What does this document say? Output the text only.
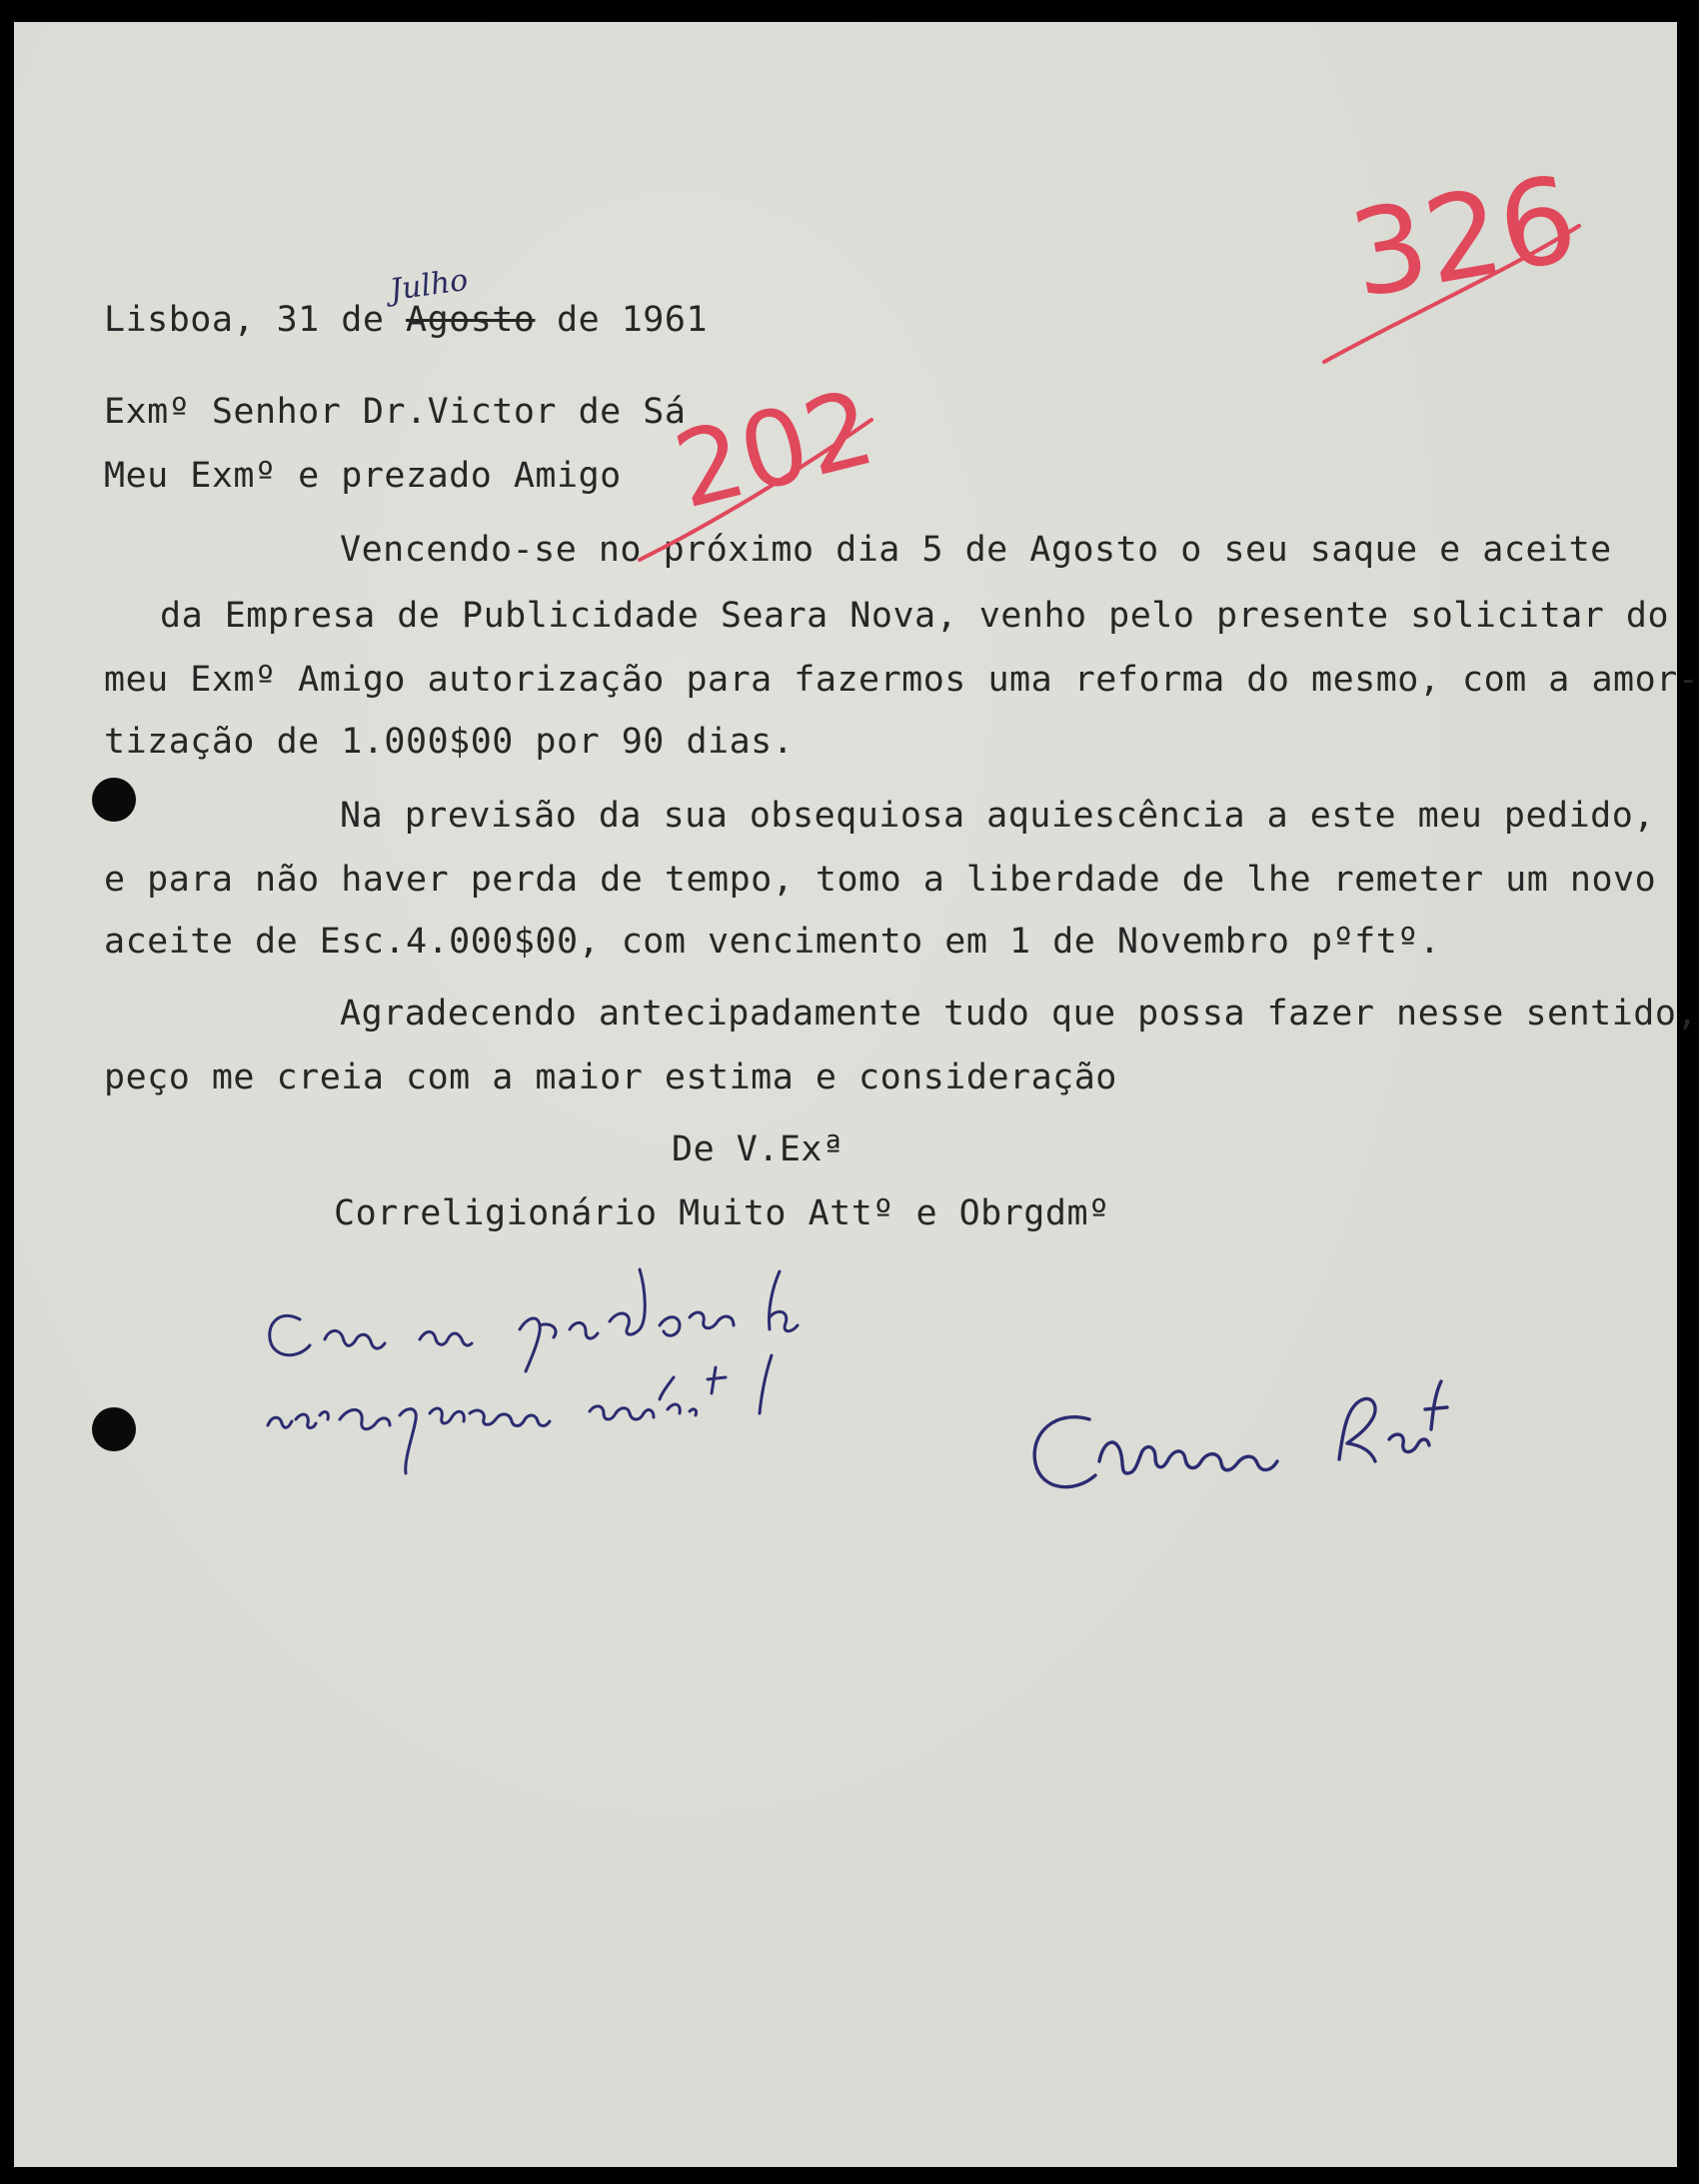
Lisboa, 31 de Agosto de 1961
Julho
Exmº Senhor Dr.Victor de Sá
Meu Exmº e prezado Amigo
Vencendo-se no próximo dia 5 de Agosto o seu saque e aceite
da Empresa de Publicidade Seara Nova, venho pelo presente solicitar do
meu Exmº Amigo autorização para fazermos uma reforma do mesmo, com a amor-
tização de 1.000$00 por 90 dias.
Na previsão da sua obsequiosa aquiescência a este meu pedido,
e para não haver perda de tempo, tomo a liberdade de lhe remeter um novo
aceite de Esc.4.000$00, com vencimento em 1 de Novembro pºftº.
Agradecendo antecipadamente tudo que possa fazer nesse sentido,
peço me creia com a maior estima e consideração
De V.Exª
Correligionário Muito Attº e Obrgdmº
326
202
